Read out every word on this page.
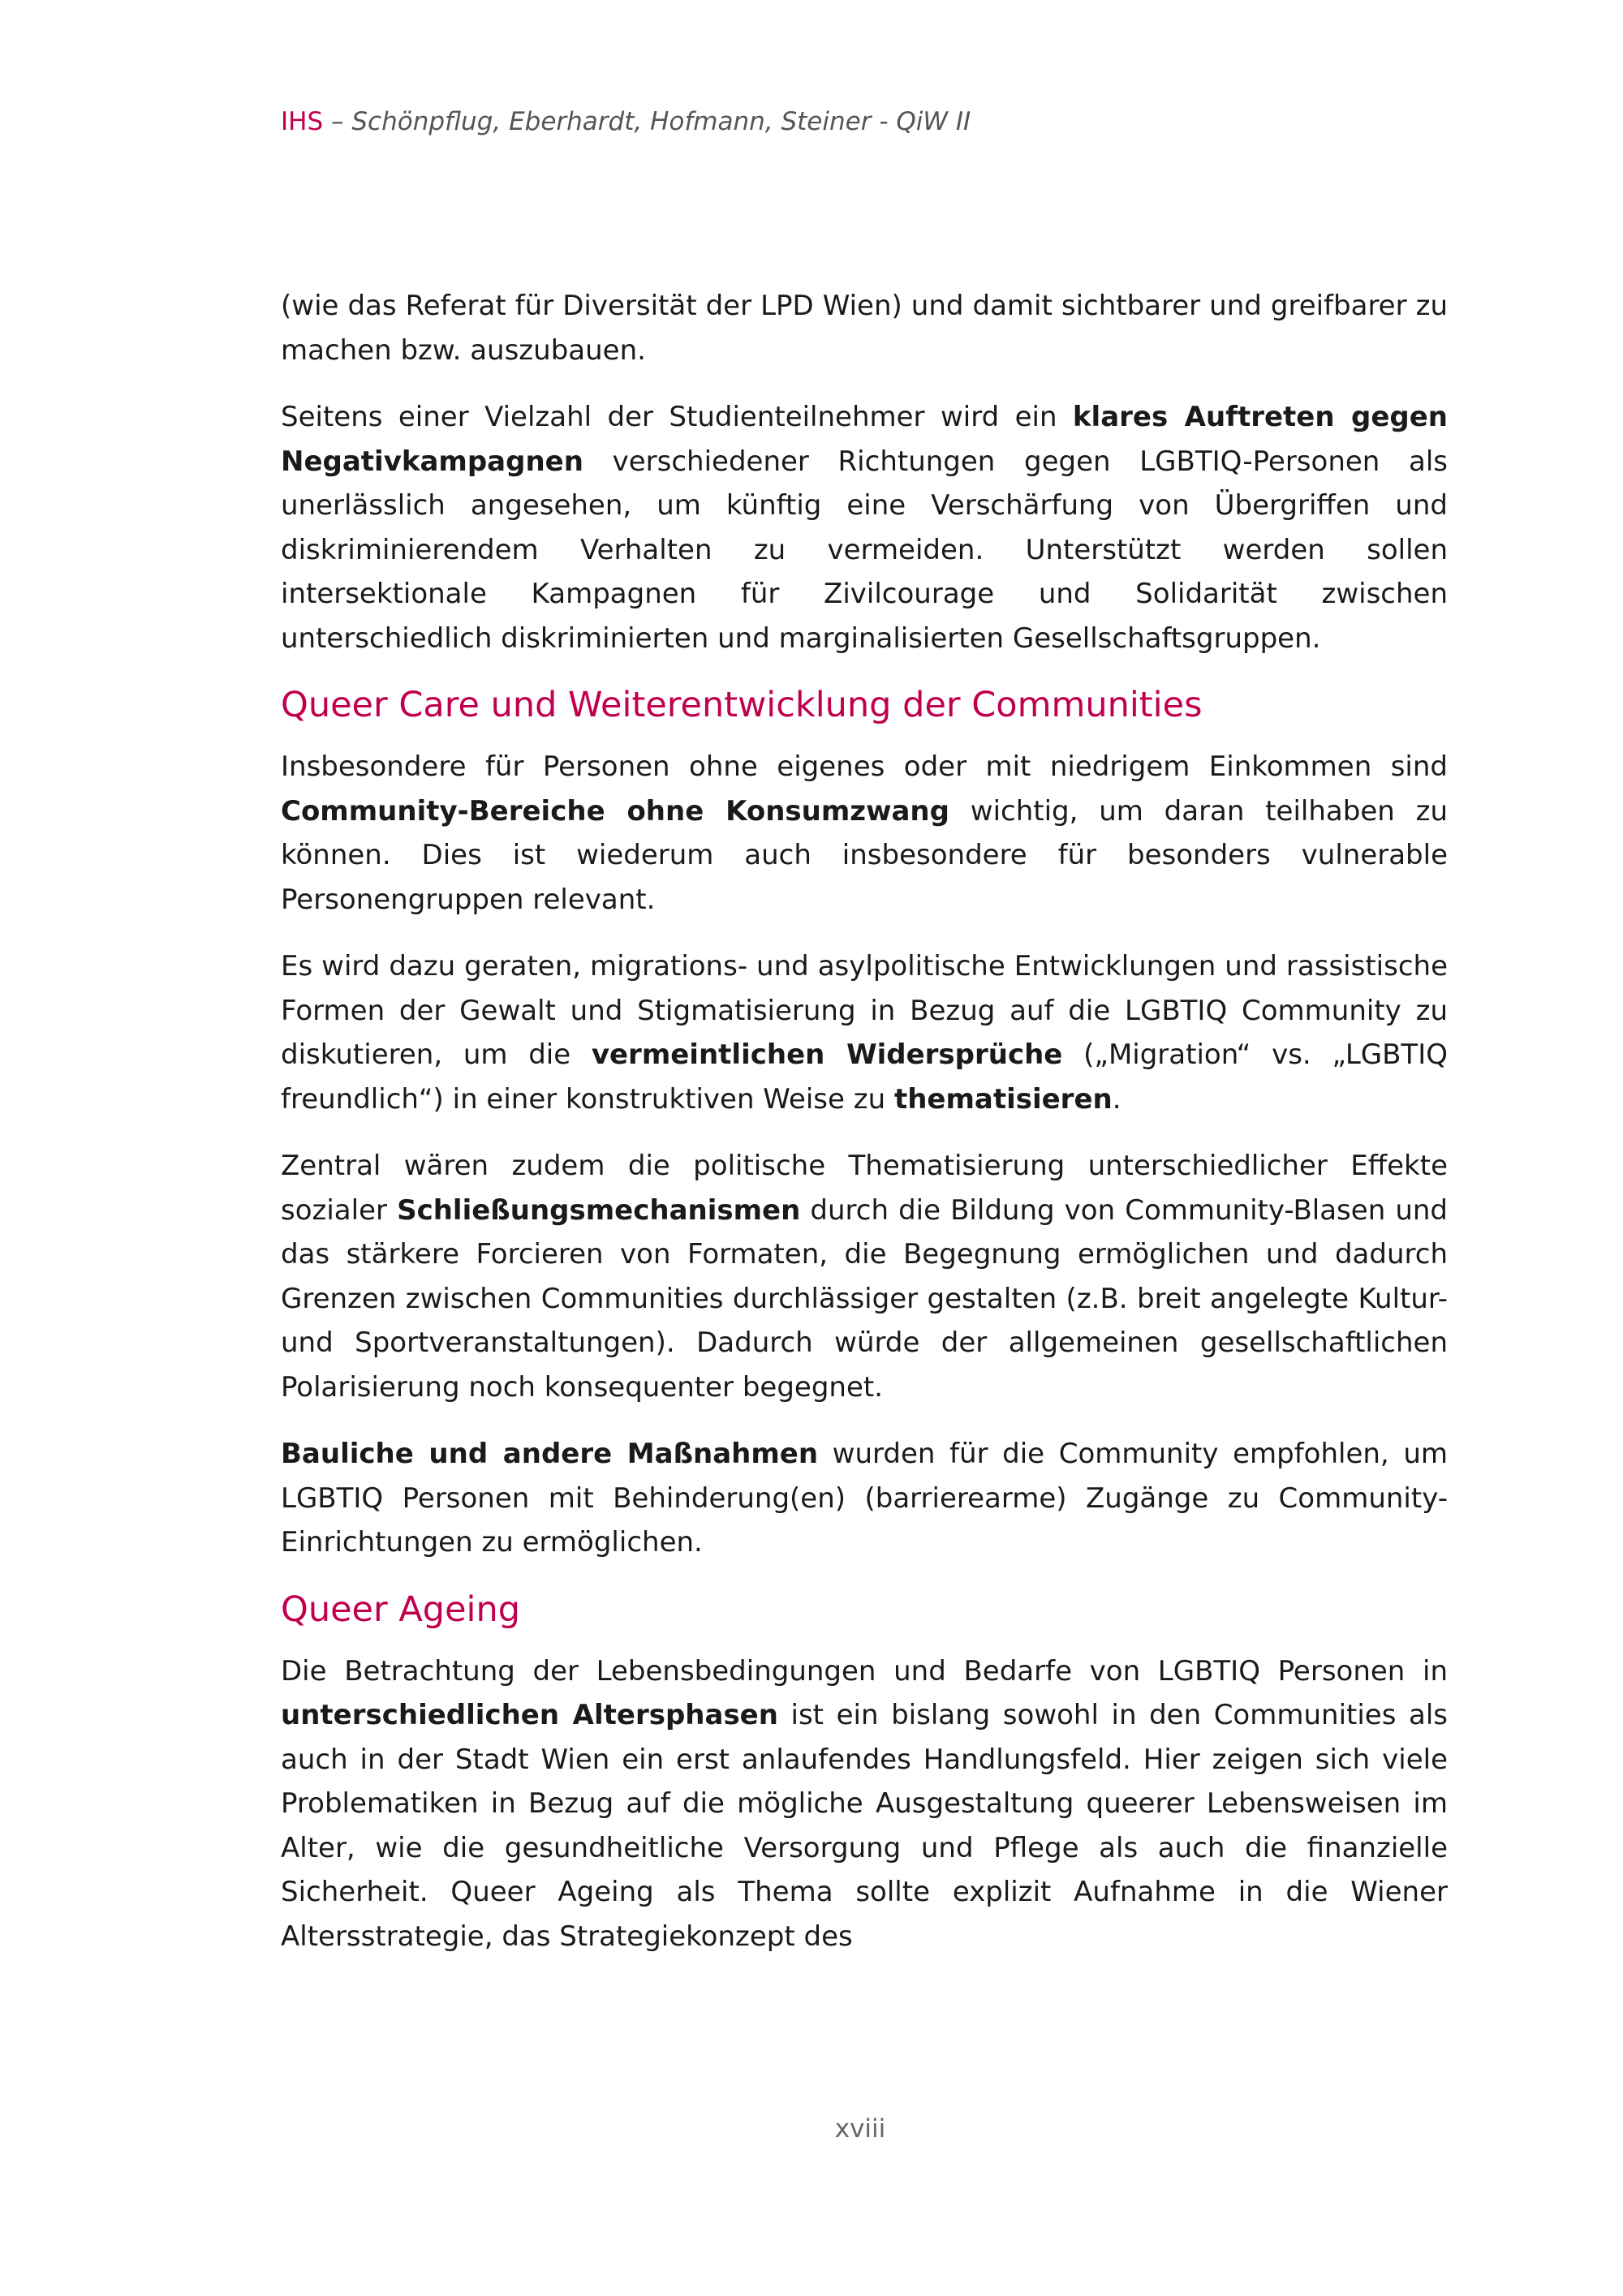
IHS – Schönpflug, Eberhardt, Hofmann, Steiner - QiW II

(wie das Referat für Diversität der LPD Wien) und damit sichtbarer und greifbarer zu machen bzw. auszubauen.

Seitens einer Vielzahl der Studienteilnehmer wird ein klares Auftreten gegen Negativkampagnen verschiedener Richtungen gegen LGBTIQ-Personen als unerlässlich angesehen, um künftig eine Verschärfung von Übergriffen und diskriminierendem Verhalten zu vermeiden. Unterstützt werden sollen intersektionale Kampagnen für Zivilcourage und Solidarität zwischen unterschiedlich diskriminierten und marginalisierten Gesellschaftsgruppen.

Queer Care und Weiterentwicklung der Communities

Insbesondere für Personen ohne eigenes oder mit niedrigem Einkommen sind Community-Bereiche ohne Konsumzwang wichtig, um daran teilhaben zu können. Dies ist wiederum auch insbesondere für besonders vulnerable Personengruppen relevant.

Es wird dazu geraten, migrations- und asylpolitische Entwicklungen und rassistische Formen der Gewalt und Stigmatisierung in Bezug auf die LGBTIQ Community zu diskutieren, um die vermeintlichen Widersprüche („Migration“ vs. „LGBTIQ freundlich“) in einer konstruktiven Weise zu thematisieren.

Zentral wären zudem die politische Thematisierung unterschiedlicher Effekte sozialer Schließungsmechanismen durch die Bildung von Community-Blasen und das stärkere Forcieren von Formaten, die Begegnung ermöglichen und dadurch Grenzen zwischen Communities durchlässiger gestalten (z.B. breit angelegte Kultur- und Sportveranstaltungen). Dadurch würde der allgemeinen gesellschaftlichen Polarisierung noch konsequenter begegnet.

Bauliche und andere Maßnahmen wurden für die Community empfohlen, um LGBTIQ Personen mit Behinderung(en) (barrierearme) Zugänge zu Community-Einrichtungen zu ermöglichen.

Queer Ageing

Die Betrachtung der Lebensbedingungen und Bedarfe von LGBTIQ Personen in unterschiedlichen Altersphasen ist ein bislang sowohl in den Communities als auch in der Stadt Wien ein erst anlaufendes Handlungsfeld. Hier zeigen sich viele Problematiken in Bezug auf die mögliche Ausgestaltung queerer Lebensweisen im Alter, wie die gesundheitliche Versorgung und Pflege als auch die finanzielle Sicherheit. Queer Ageing als Thema sollte explizit Aufnahme in die Wiener Altersstrategie, das Strategiekonzept des

xviii
